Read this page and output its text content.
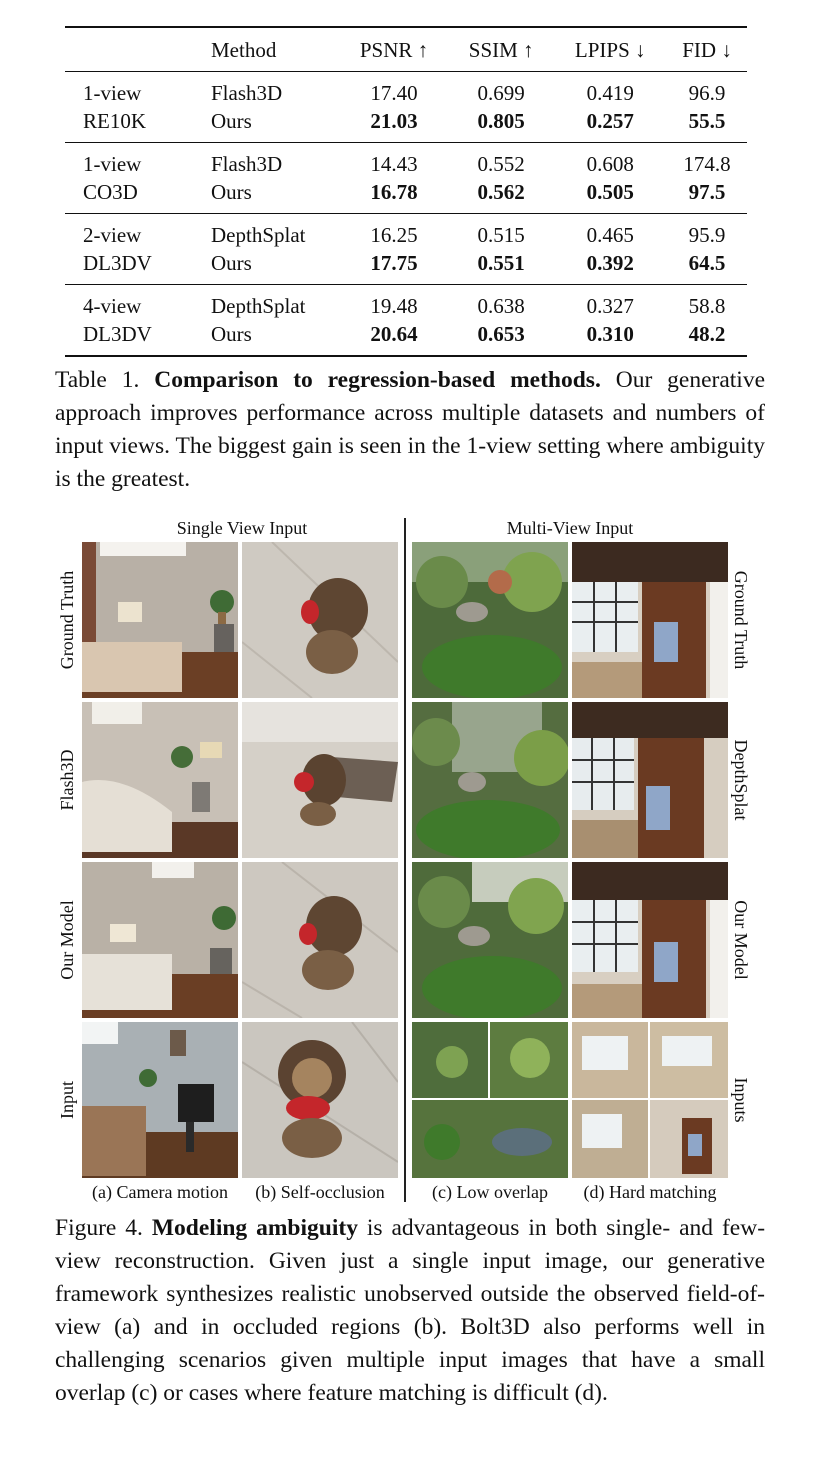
	Method	PSNR ↑	SSIM ↑	LPIPS ↓	FID ↓
1-view	Flash3D	17.40	0.699	0.419	96.9
RE10K	Ours	21.03	0.805	0.257	55.5
1-view	Flash3D	14.43	0.552	0.608	174.8
CO3D	Ours	16.78	0.562	0.505	97.5
2-view	DepthSplat	16.25	0.515	0.465	95.9
DL3DV	Ours	17.75	0.551	0.392	64.5
4-view	DepthSplat	19.48	0.638	0.327	58.8
DL3DV	Ours	20.64	0.653	0.310	48.2
Table 1. Comparison to regression-based methods. Our generative approach improves performance across multiple datasets and numbers of input views. The biggest gain is seen in the 1-view setting where ambiguity is the greatest.
Single View Input	Multi-View Input
Ground Truth
Flash3D
Our Model
Input
Ground Truth
DepthSplat
Our Model
Inputs
(a) Camera motion	(b) Self-occlusion	(c) Low overlap	(d) Hard matching
Figure 4. Modeling ambiguity is advantageous in both single- and few-view reconstruction. Given just a single input image, our generative framework synthesizes realistic unobserved outside the observed field-of-view (a) and in occluded regions (b). Bolt3D also performs well in challenging scenarios given multiple input images that have a small overlap (c) or cases where feature matching is difficult (d).
